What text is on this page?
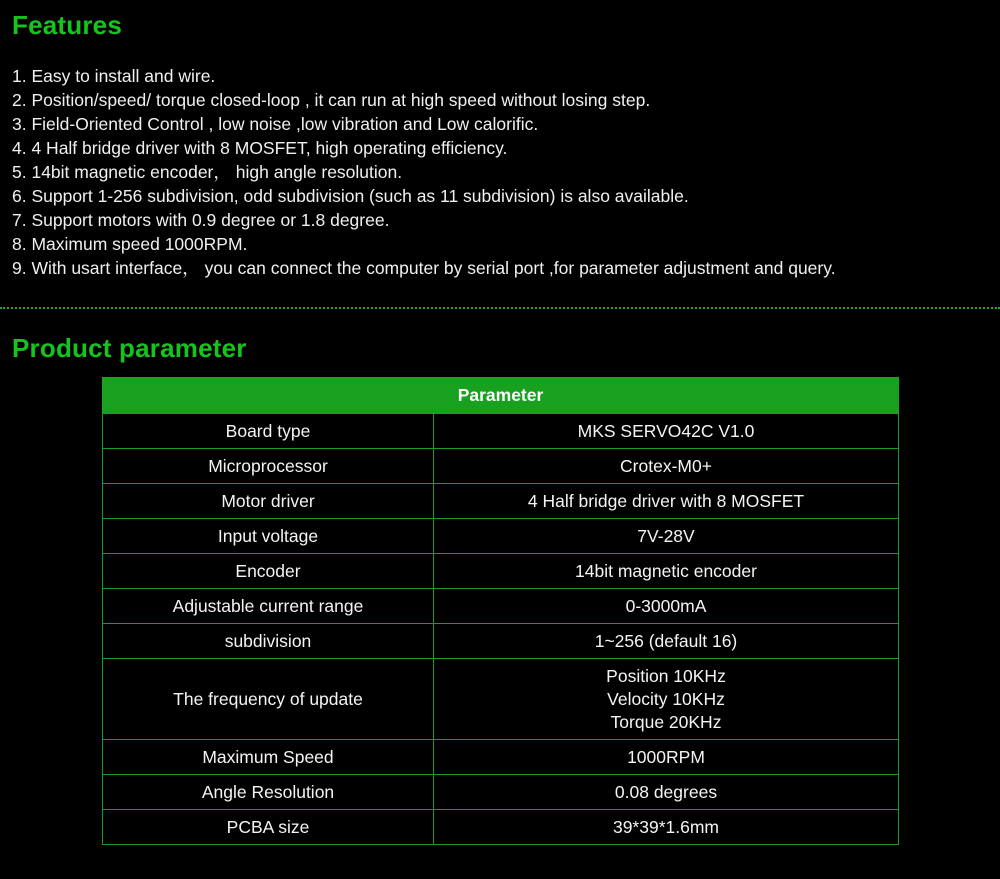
Features
1. Easy to install and wire.
2. Position/speed/ torque closed-loop , it can run at high speed without losing step.
3. Field-Oriented Control , low noise ,low vibration and Low calorific.
4. 4 Half bridge driver with 8 MOSFET, high operating efficiency.
5. 14bit magnetic encoder， high angle resolution.
6. Support 1-256 subdivision, odd subdivision (such as 11 subdivision) is also available.
7. Support motors with 0.9 degree or 1.8 degree.
8. Maximum speed 1000RPM.
9. With usart interface， you can connect the computer by serial port ,for parameter adjustment and query.
Product parameter
Parameter	
Board type	MKS SERVO42C V1.0

Microprocessor	Crotex-M0+

Motor driver	4 Half bridge driver with 8 MOSFET

Input voltage	7V-28V

Encoder	14bit magnetic encoder

Adjustable current range	0-3000mA

subdivision	1~256 (default 16)

The frequency of update	Position 10KHz
Velocity 10KHz
Torque 20KHz

Maximum Speed	1000RPM

Angle Resolution	0.08 degrees

PCBA size	39*39*1.6mm
